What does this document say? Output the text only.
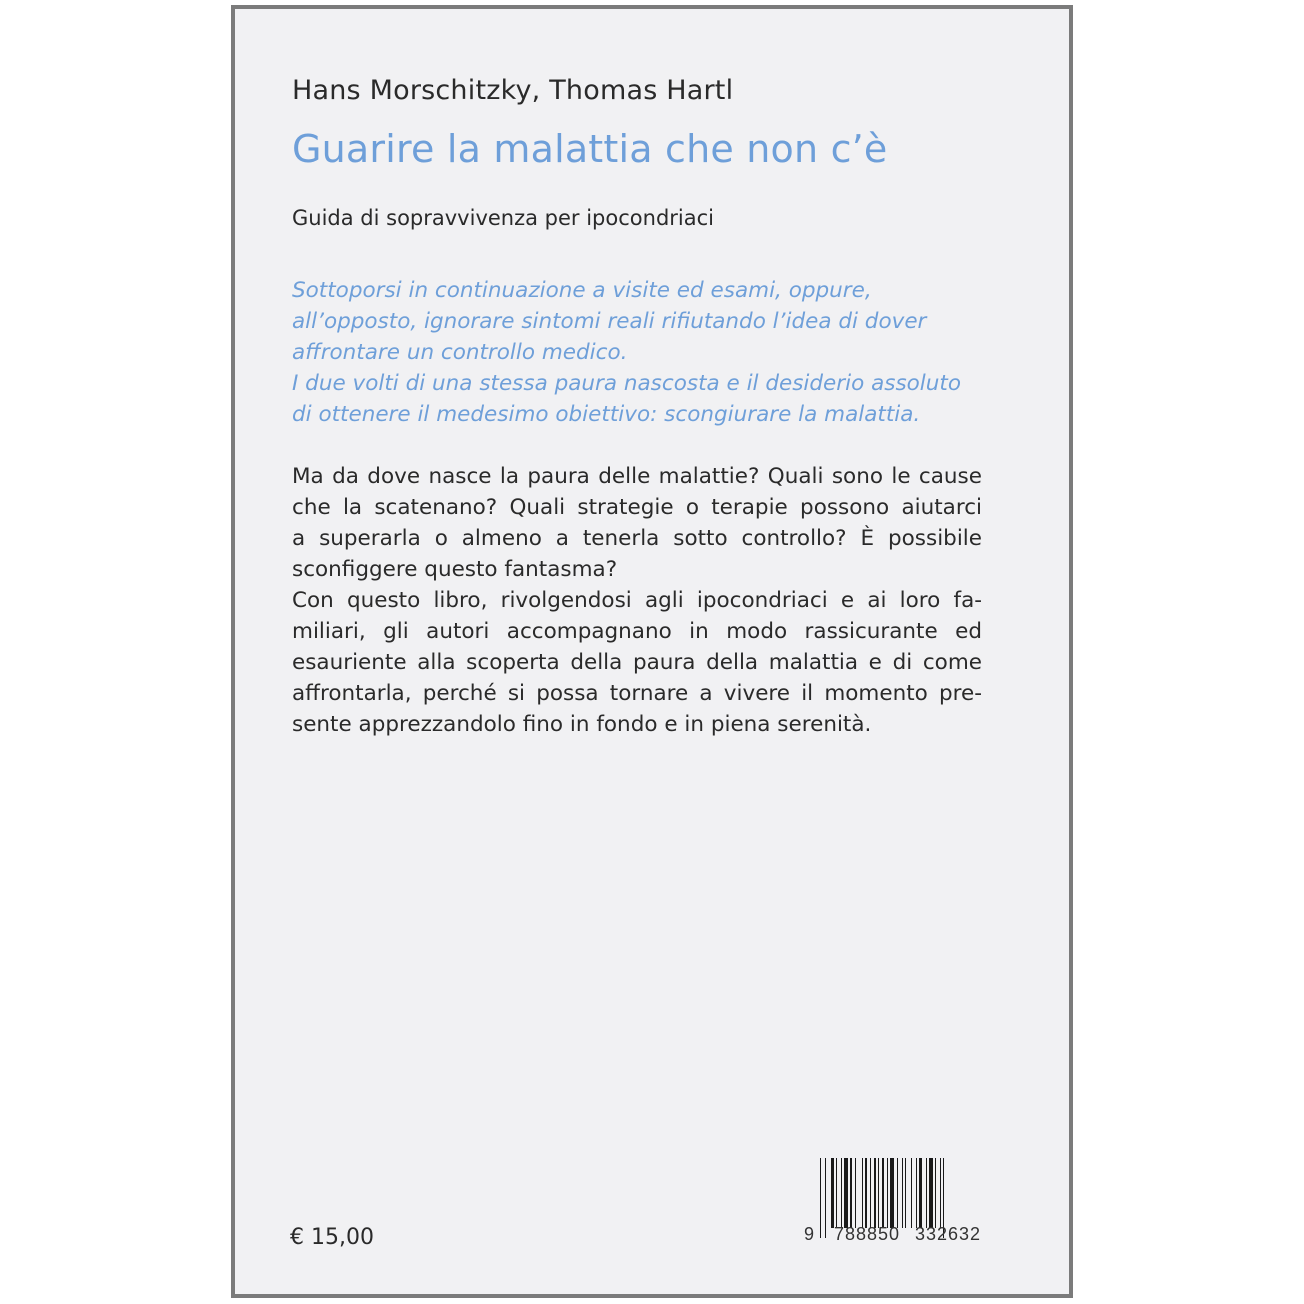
Hans Morschitzky, Thomas Hartl
Guarire la malattia che non c’è
Guida di sopravvivenza per ipocondriaci
Sottoporsi in continuazione a visite ed esami, oppure,
all’opposto, ignorare sintomi reali rifiutando l’idea di dover
affrontare un controllo medico.
I due volti di una stessa paura nascosta e il desiderio assoluto
di ottenere il medesimo obiettivo: scongiurare la malattia.
Ma da dove nasce la paura delle malattie? Quali sono le cause
che la scatenano? Quali strategie o terapie possono aiutarci
a superarla o almeno a tenerla sotto controllo? È possibile
sconfiggere questo fantasma?
Con questo libro, rivolgendosi agli ipocondriaci e ai loro fa-
miliari, gli autori accompagnano in modo rassicurante ed
esauriente alla scoperta della paura della malattia e di come
affrontarla, perché si possa tornare a vivere il momento pre-
sente apprezzandolo fino in fondo e in piena serenità.
€ 15,00	9 788850 332632
